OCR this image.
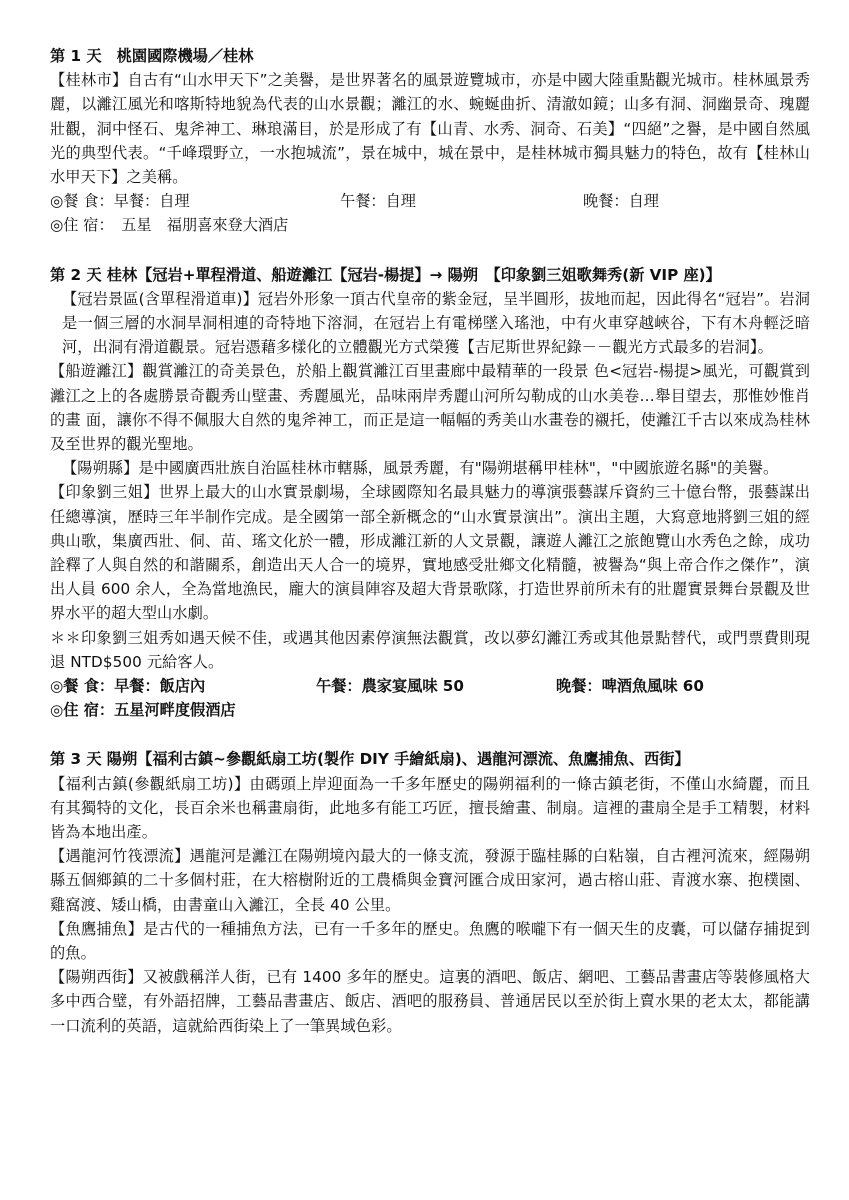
第 1 天　桃園國際機場／桂林

【桂林市】自古有“山水甲天下”之美譽，是世界著名的風景遊覽城市，亦是中國大陸重點觀光城市。桂林風景秀麗，以灕江風光和喀斯特地貌為代表的山水景觀；灕江的水、蜿蜒曲折、清澈如鏡；山多有洞、洞幽景奇、瑰麗壯觀，洞中怪石、鬼斧神工、琳琅滿目，於是形成了有【山青、水秀、洞奇、石美】“四絕”之譽，是中國自然風光的典型代表。“千峰環野立，一水抱城流”，景在城中，城在景中，是桂林城市獨具魅力的特色，故有【桂林山水甲天下】之美稱。

◎餐 食：早餐：自理	午餐：自理	晚餐：自理

◎住 宿：　五星　福朋喜來登大酒店

第 2 天 桂林【冠岩+單程滑道、船遊灕江【冠岩-楊提】→ 陽朔　【印象劉三姐歌舞秀(新 VIP 座)】

【冠岩景區(含單程滑道車)】冠岩外形象一頂古代皇帝的紫金冠，呈半圓形，拔地而起，因此得名“冠岩”。岩洞是一個三層的水洞旱洞相連的奇特地下溶洞，在冠岩上有電梯墜入瑤池，中有火車穿越峽谷，下有木舟輕泛暗河，出洞有滑道觀景。冠岩憑藉多樣化的立體觀光方式榮獲【吉尼斯世界紀錄－－觀光方式最多的岩洞】。

【船遊灕江】觀賞灕江的奇美景色，於船上觀賞灕江百里畫廊中最精華的一段景 色<冠岩-楊提>風光，可觀賞到灕江之上的各處勝景奇觀秀山壁畫、秀麗風光，品味兩岸秀麗山河所勾勒成的山水美卷…舉目望去，那惟妙惟肖的畫 面，讓你不得不佩服大自然的鬼斧神工，而正是這一幅幅的秀美山水畫卷的襯托，使灕江千古以來成為桂林及至世界的觀光聖地。

【陽朔縣】是中國廣西壯族自治區桂林市轄縣，風景秀麗，有"陽朔堪稱甲桂林"，"中國旅遊名縣"的美譽。

【印象劉三姐】世界上最大的山水實景劇場，全球國際知名最具魅力的導演張藝謀斥資約三十億台幣，張藝謀出任總導演，歷時三年半制作完成。是全國第一部全新概念的“山水實景演出”。演出主題，大寫意地將劉三姐的經典山歌，集廣西壯、侗、苗、瑤文化於一體，形成灕江新的人文景觀，讓遊人灕江之旅飽覽山水秀色之餘，成功詮釋了人與自然的和諧關系，創造出天人合一的境界，實地感受壯鄉文化精髓，被譽為“與上帝合作之傑作”，演出人員 600 余人，全為當地漁民，龐大的演員陣容及超大背景歌隊，打造世界前所未有的壯麗實景舞台景觀及世界水平的超大型山水劇。

＊＊印象劉三姐秀如遇天候不佳，或遇其他因素停演無法觀賞，改以夢幻灕江秀或其他景點替代，或門票費則現退 NTD$500 元給客人。

◎餐 食：早餐：飯店內	午餐：農家宴風味 50	晚餐：啤酒魚風味 60

◎住 宿：五星河畔度假酒店

第 3 天 陽朔【福利古鎮~參觀紙扇工坊(製作 DIY 手繪紙扇)、遇龍河漂流、魚鷹捕魚、西街】

【福利古鎮(參觀紙扇工坊)】由碼頭上岸迎面為一千多年歷史的陽朔福利的一條古鎮老街，不僅山水綺麗，而且有其獨特的文化，長百余米也稱畫扇街，此地多有能工巧匠，擅長繪畫、制扇。這裡的畫扇全是手工精製，材料皆為本地出產。

【遇龍河竹筏漂流】遇龍河是灕江在陽朔境內最大的一條支流，發源于臨桂縣的白粘嶺，自古裡河流來，經陽朔縣五個鄉鎮的二十多個村莊，在大榕樹附近的工農橋與金寶河匯合成田家河，過古榕山莊、青渡水寨、抱樸園、雞窩渡、矮山橋，由書童山入灕江，全長 40 公里。

【魚鷹捕魚】是古代的一種捕魚方法，已有一千多年的歷史。魚鷹的喉嚨下有一個天生的皮囊，可以儲存捕捉到的魚。

【陽朔西街】又被戲稱洋人街，已有 1400 多年的歷史。這裏的酒吧、飯店、網吧、工藝品書畫店等裝修風格大多中西合璧，有外語招牌，工藝品書畫店、飯店、酒吧的服務員、普通居民以至於街上賣水果的老太太，都能講一口流利的英語，這就給西街染上了一筆異域色彩。
